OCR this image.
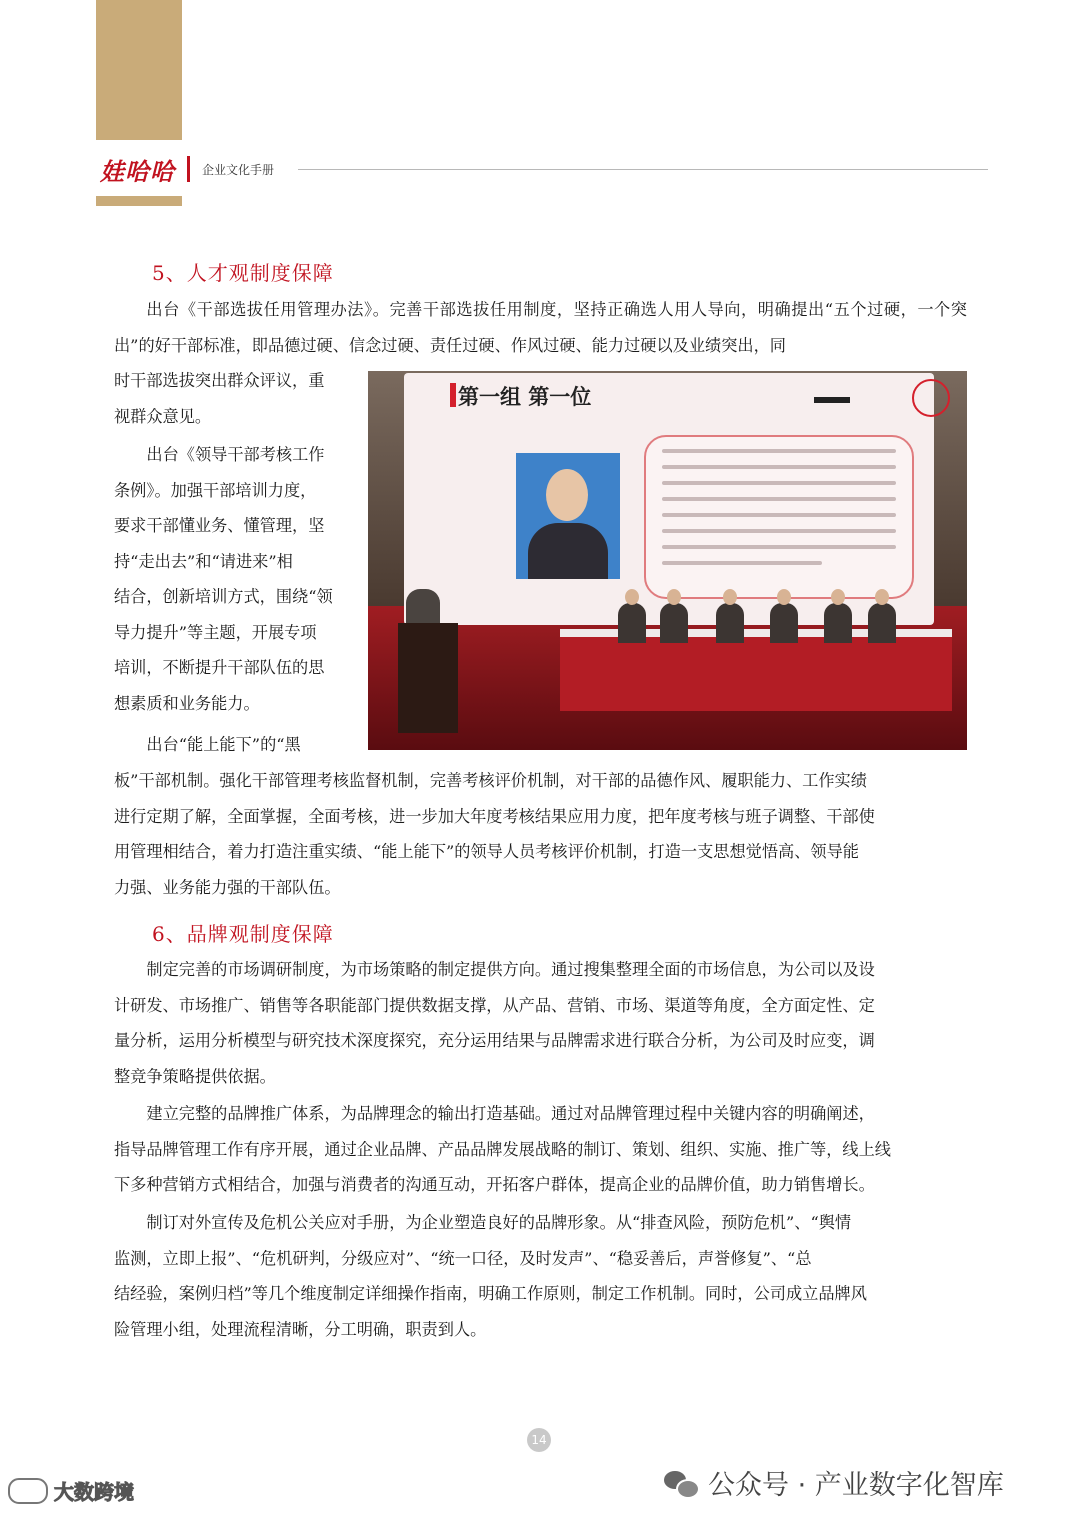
娃哈哈 企业文化手册
5、人才观制度保障

出台《干部选拔任用管理办法》。完善干部选拔任用制度，坚持正确选人用人导向，明确提出“五个过硬，一个突出”的好干部标准，即品德过硬、信念过硬、责任过硬、作风过硬、能力过硬以及业绩突出，同

时干部选拔突出群众评议，重
视群众意见。

出台《领导干部考核工作
条例》。加强干部培训力度，
要求干部懂业务、懂管理，坚
持“走出去”和“请进来”相
结合，创新培训方式，围绕“领
导力提升”等主题，开展专项
培训，不断提升干部队伍的思
想素质和业务能力。

出台“能上能下”的“黑

板”干部机制。强化干部管理考核监督机制，完善考核评价机制，对干部的品德作风、履职能力、工作实绩
进行定期了解，全面掌握，全面考核，进一步加大年度考核结果应用力度，把年度考核与班子调整、干部使
用管理相结合，着力打造注重实绩、“能上能下”的领导人员考核评价机制，打造一支思想觉悟高、领导能
力强、业务能力强的干部队伍。

第一组 第一位
6、品牌观制度保障

制定完善的市场调研制度，为市场策略的制定提供方向。通过搜集整理全面的市场信息，为公司以及设
计研发、市场推广、销售等各职能部门提供数据支撑，从产品、营销、市场、渠道等角度，全方面定性、定
量分析，运用分析模型与研究技术深度探究，充分运用结果与品牌需求进行联合分析，为公司及时应变，调
整竞争策略提供依据。

建立完整的品牌推广体系，为品牌理念的输出打造基础。通过对品牌管理过程中关键内容的明确阐述，
指导品牌管理工作有序开展，通过企业品牌、产品品牌发展战略的制订、策划、组织、实施、推广等，线上线
下多种营销方式相结合，加强与消费者的沟通互动，开拓客户群体，提高企业的品牌价值，助力销售增长。

制订对外宣传及危机公关应对手册，为企业塑造良好的品牌形象。从“排查风险，预防危机”、“舆情
监测，立即上报”、“危机研判，分级应对”、“统一口径，及时发声”、“稳妥善后，声誉修复”、“总
结经验，案例归档”等几个维度制定详细操作指南，明确工作原则，制定工作机制。同时，公司成立品牌风
险管理小组，处理流程清晰，分工明确，职责到人。

14
公众号 · 产业数字化智库
大数跨境
